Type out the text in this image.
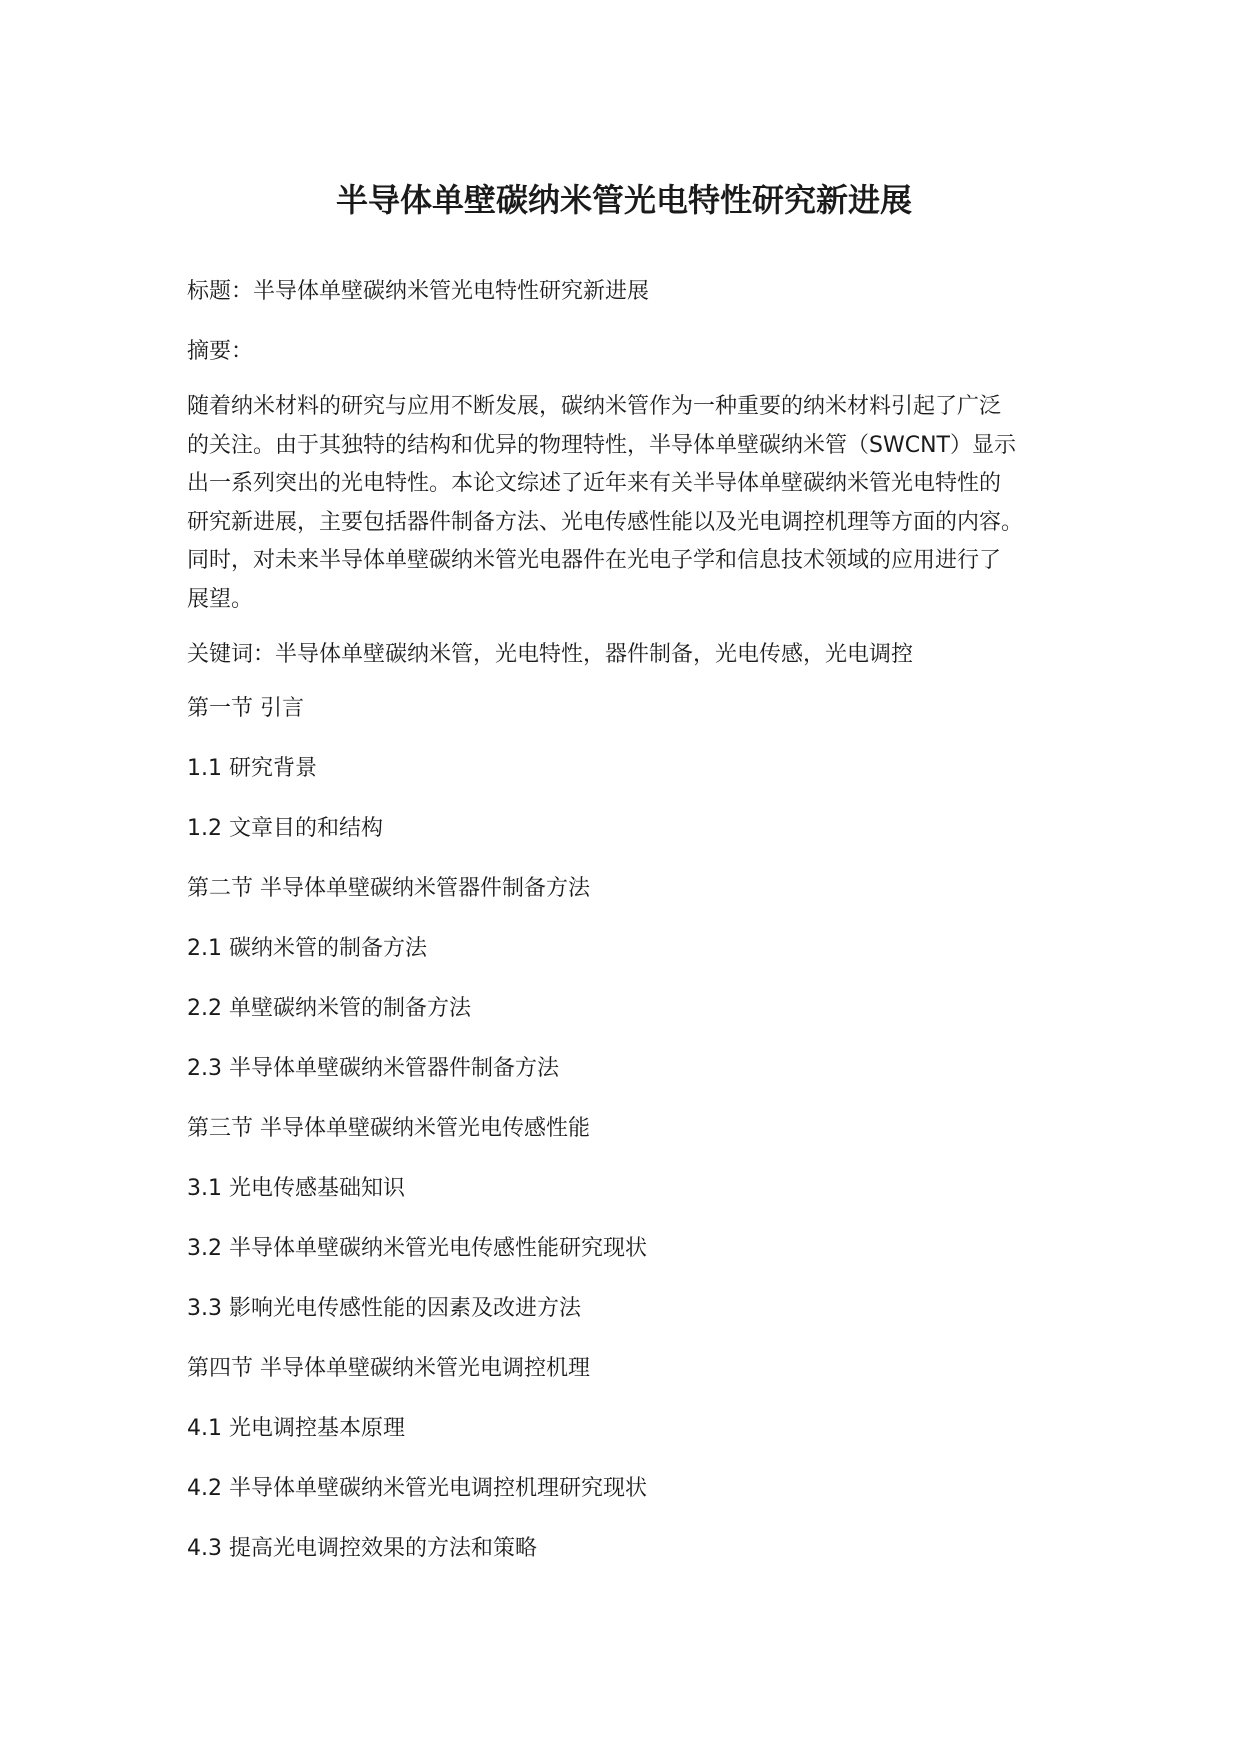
半导体单壁碳纳米管光电特性研究新进展

标题：半导体单壁碳纳米管光电特性研究新进展

摘要：

随着纳米材料的研究与应用不断发展，碳纳米管作为一种重要的纳米材料引起了广泛
的关注。由于其独特的结构和优异的物理特性，半导体单壁碳纳米管（SWCNT）显示
出一系列突出的光电特性。本论文综述了近年来有关半导体单壁碳纳米管光电特性的
研究新进展，主要包括器件制备方法、光电传感性能以及光电调控机理等方面的内容。
同时，对未来半导体单壁碳纳米管光电器件在光电子学和信息技术领域的应用进行了
展望。

关键词：半导体单壁碳纳米管，光电特性，器件制备，光电传感，光电调控

第一节 引言

1.1 研究背景

1.2 文章目的和结构

第二节 半导体单壁碳纳米管器件制备方法

2.1 碳纳米管的制备方法

2.2 单壁碳纳米管的制备方法

2.3 半导体单壁碳纳米管器件制备方法

第三节 半导体单壁碳纳米管光电传感性能

3.1 光电传感基础知识

3.2 半导体单壁碳纳米管光电传感性能研究现状

3.3 影响光电传感性能的因素及改进方法

第四节 半导体单壁碳纳米管光电调控机理

4.1 光电调控基本原理

4.2 半导体单壁碳纳米管光电调控机理研究现状

4.3 提高光电调控效果的方法和策略
